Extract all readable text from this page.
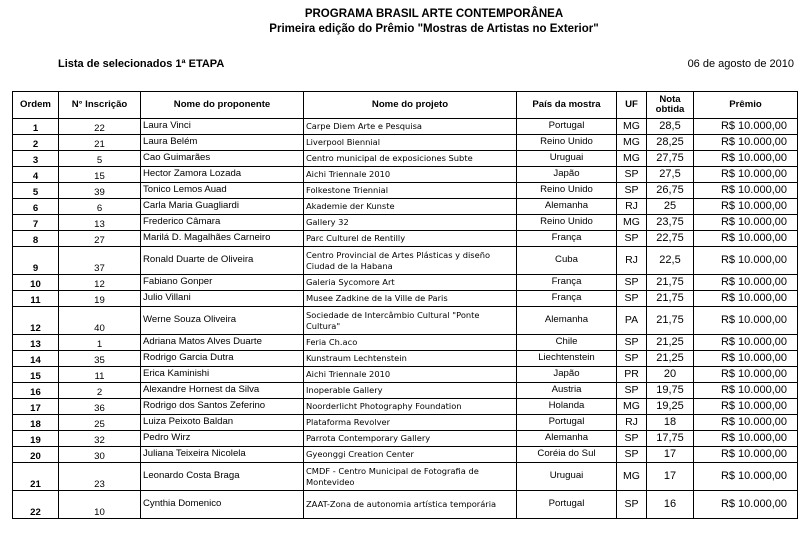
PROGRAMA BRASIL ARTE CONTEMPORÂNEA
Primeira edição do Prêmio "Mostras de Artistas no Exterior"
Lista de selecionados 1ª ETAPA	06 de agosto de 2010
Ordem	N° Inscrição	Nome do proponente	Nome do projeto	País da mostra	UF	Nota obtida	Prêmio
1	22	Laura Vinci	Carpe Diem Arte e Pesquisa	Portugal	MG	28,5	R$ 10.000,00
2	21	Laura Belém	Liverpool Biennial	Reino Unido	MG	28,25	R$ 10.000,00
3	5	Cao Guimarães	Centro municipal de exposiciones Subte	Uruguai	MG	27,75	R$ 10.000,00
4	15	Hector Zamora Lozada	Aichi Triennale 2010	Japão	SP	27,5	R$ 10.000,00
5	39	Tonico Lemos Auad	Folkestone Triennial	Reino Unido	SP	26,75	R$ 10.000,00
6	6	Carla Maria Guagliardi	Akademie der Kunste	Alemanha	RJ	25	R$ 10.000,00
7	13	Frederico Câmara	Gallery 32	Reino Unido	MG	23,75	R$ 10.000,00
8	27	Marilá D. Magalhães Carneiro	Parc Culturel de Rentilly	França	SP	22,75	R$ 10.000,00
9	37	Ronald Duarte de Oliveira	Centro Provincial de Artes Plásticas y diseño Ciudad de la Habana	Cuba	RJ	22,5	R$ 10.000,00
10	12	Fabiano Gonper	Galeria Sycomore Art	França	SP	21,75	R$ 10.000,00
11	19	Julio Villani	Musee Zadkine de la Ville de Paris	França	SP	21,75	R$ 10.000,00
12	40	Werne Souza Oliveira	Sociedade de Intercâmbio Cultural "Ponte Cultura"	Alemanha	PA	21,75	R$ 10.000,00
13	1	Adriana Matos Alves Duarte	Feria Ch.aco	Chile	SP	21,25	R$ 10.000,00
14	35	Rodrigo Garcia Dutra	Kunstraum Lechtenstein	Liechtenstein	SP	21,25	R$ 10.000,00
15	11	Erica Kaminishi	Aichi Triennale 2010	Japão	PR	20	R$ 10.000,00
16	2	Alexandre Hornest da Silva	Inoperable Gallery	Austria	SP	19,75	R$ 10.000,00
17	36	Rodrigo dos Santos Zeferino	Noorderlicht Photography Foundation	Holanda	MG	19,25	R$ 10.000,00
18	25	Luiza Peixoto Baldan	Plataforma Revolver	Portugal	RJ	18	R$ 10.000,00
19	32	Pedro Wirz	Parrota Contemporary Gallery	Alemanha	SP	17,75	R$ 10.000,00
20	30	Juliana Teixeira Nicolela	Gyeonggi Creation Center	Coréia do Sul	SP	17	R$ 10.000,00
21	23	Leonardo Costa Braga	CMDF - Centro Municipal de Fotografia de Montevideo	Uruguai	MG	17	R$ 10.000,00
22	10	Cynthia Domenico	ZAAT-Zona de autonomia artística temporária	Portugal	SP	16	R$ 10.000,00
